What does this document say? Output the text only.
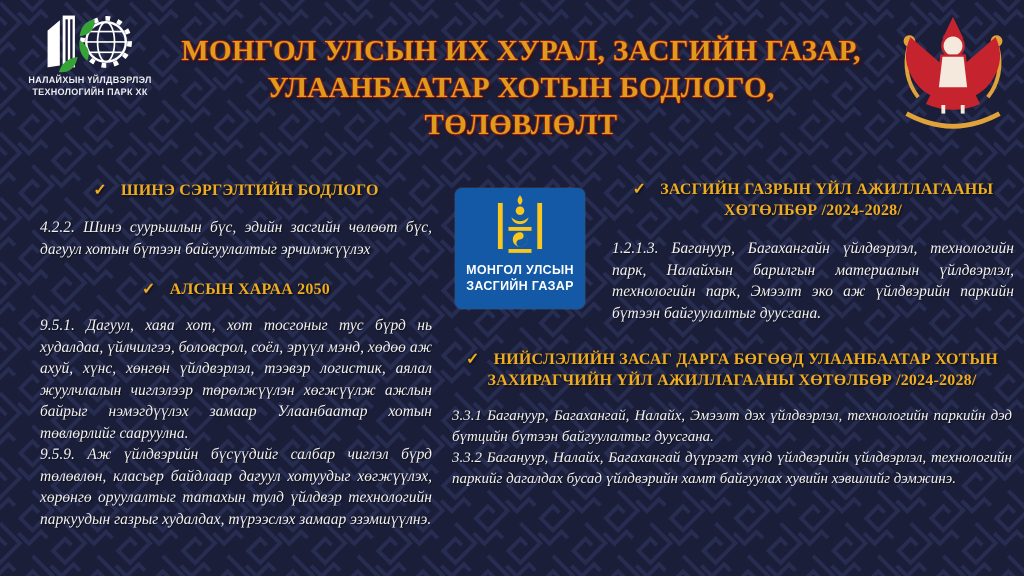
НАЛАЙХЫН ҮЙЛДВЭРЛЭЛ
ТЕХНОЛОГИЙН ПАРК ХК
МОНГОЛ УЛСЫН ИХ ХУРАЛ, ЗАСГИЙН ГАЗАР,
УЛААНБААТАР ХОТЫН БОДЛОГО, ТӨЛӨВЛӨЛТ
✓ ШИНЭ СЭРГЭЛТИЙН БОДЛОГО

4.2.2. Шинэ суурьшлын бүс, эдийн засгийн чөлөөт бүс, дагуул хотын бүтээн байгуулалтыг эрчимжүүлэх

✓ АЛСЫН ХАРАА 2050

9.5.1. Дагуул, хаяа хот, хот тосгоныг тус бүрд нь худалдаа, үйлчилгээ, боловсрол, соёл, эрүүл мэнд, хөдөө аж ахуй, хүнс, хөнгөн үйлдвэрлэл, тээвэр логистик, аялал жуулчлалын чиглэлээр төрөлжүүлэн хөгжүүлж ажлын байрыг нэмэгдүүлэх замаар Улаанбаатар хотын төвлөрлийг сааруулна.

9.5.9. Аж үйлдвэрийн бүсүүдийг салбар чиглэл бүрд төлөвлөн, класьер байдлаар дагуул хотуудыг хөгжүүлэх, хөрөнгө оруулалтыг татахын тулд үйлдвэр технологийн паркуудын газрыг худалдах, түрээслэх замаар эзэмшүүлнэ.

МОНГОЛ УЛСЫН
ЗАСГИЙН ГАЗАР
✓ ЗАСГИЙН ГАЗРЫН ҮЙЛ АЖИЛЛАГААНЫ
ХӨТӨЛБӨР /2024-2028/

1.2.1.3. Багануур, Багахангайн үйлдвэрлэл, технологийн парк, Налайхын барилгын материалын үйлдвэрлэл, технологийн парк, Эмээлт эко аж үйлдвэрийн паркийн бүтээн байгуулалтыг дуусгана.

✓ НИЙСЛЭЛИЙН ЗАСАГ ДАРГА БӨГӨӨД УЛААНБААТАР ХОТЫН
ЗАХИРАГЧИЙН ҮЙЛ АЖИЛЛАГААНЫ ХӨТӨЛБӨР /2024-2028/

3.3.1 Багануур, Багахангай, Налайх, Эмээлт дэх үйлдвэрлэл, технологийн паркийн дэд бүтцийн бүтээн байгуулалтыг дуусгана.

3.3.2 Багануур, Налайх, Багахангай дүүрэгт хүнд үйлдвэрийн үйлдвэрлэл, технологийн паркийг дагалдах бусад үйлдвэрийн хамт байгуулах хувийн хэвшлийг дэмжинэ.
